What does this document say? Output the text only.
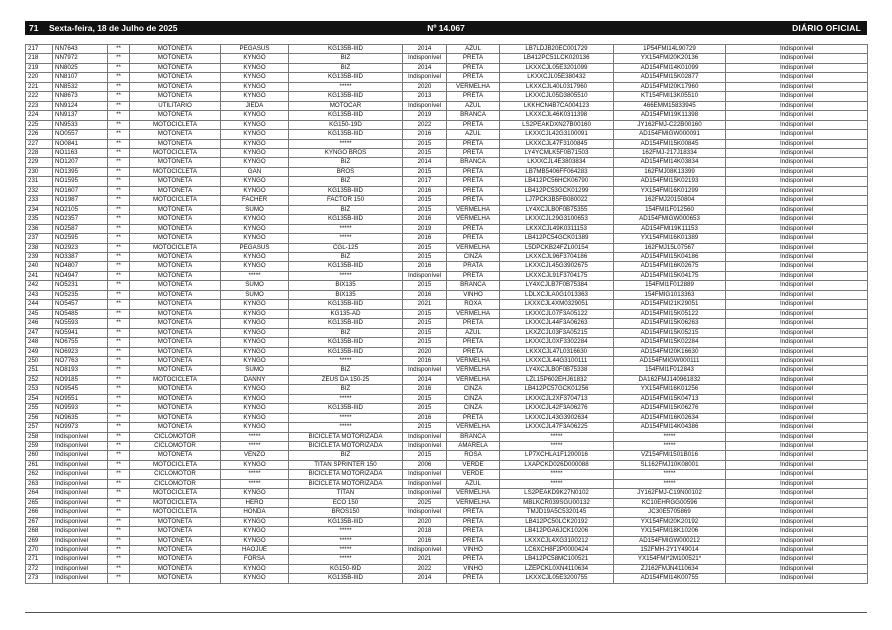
71 Sexta-feira, 18 de Julho de 2025	Nº 14.067	DIÁRIO OFICIAL
217	NN7643	**	MOTONETA	PEGASUS	KG135B-IIID	2014	AZUL	LB7LDJB20EC001729	1P54FMI14L90729	Indisponível
218	NN7972	**	MOTONETA	KYNGO	BIZ	Indisponível	PRETA	LB412PC51LCK020136	YX154FMI20K20136	Indisponível
219	NN8025	**	MOTONETA	KYNGO	BIZ	2014	PRETA	LKXXCJL05E3201099	AD154FMI14K01099	Indisponível
220	NN8107	**	MOTONETA	KYNGO	KG135B-IIID	Indisponível	PRETA	LKXXCJL05E380432	AD154FMI15K02877	Indisponível
221	NN8532	**	MOTONETA	KYNGO	*****	2020	VERMELHA	LKXXCJL40L0317960	AD154FMI20K17960	Indisponível
222	NN8673	**	MOTONETA	KYNGO	KG135B-IIID	2013	PRETA	LKXXCJL05D3805510	KT154FMI13K05510	Indisponível
223	NN9124	**	UTILITARIO	JIEDA	MOTOCAR	Indisponível	AZUL	LKKHCN4B7CA004123	466EMM15833945	Indisponível
224	NN9137	**	MOTONETA	KYNGO	KG135B-IIID	2019	BRANCA	LKXXCJL46K0311398	AD154FMI19K11398	Indisponível
225	NN9533	**	MOTOCICLETA	KYNGO	KG150-19D	2022	PRETA	LS2PEAKDXN27B00160	JY162FMJ-C22B00160	Indisponível
226	NO0557	**	MOTONETA	KYNGO	KG135B-IIID	2016	AZUL	LKXXCJL42G3100091	AD154FMIGW000091	Indisponível
227	NO0841	**	MOTONETA	KYNGO	*****	2015	PRETA	LKXXCJL47F3100845	AD154FMI15K00845	Indisponível
228	NO1163	**	MOTOCICLETA	KYNGO	KYNGO BROS	2015	PRETA	LY4YCMLK5F0B71503	162FMJ-217J18334	Indisponível
229	NO1207	**	MOTONETA	KYNGO	BIZ	2014	BRANCA	LKXXCJL4E3803834	AD154FMI14K03834	Indisponível
230	NO1395	**	MOTOCICLETA	GAN	BROS	2015	PRETA	LB7MB5406FF064283	162FMJ08K13399	Indisponível
231	NO1595	**	MOTONETA	KYNGO	BIZ	2017	PRETA	LB412PC56HCK06790	AD154FMI15K02193	Indisponível
232	NO1607	**	MOTONETA	KYNGO	KG135B-IIID	2016	PRETA	LB412PC53GCK01299	YX154FMI16K01299	Indisponível
233	NO1987	**	MOTOCICLETA	FACHER	FACTOR 150	2015	PRETA	LJ7PCK3B5FB080022	162FMJ20150804	Indisponível
234	NO2105	**	MOTONETA	SUMO	BIZ	2015	VERMELHA	LY4XCJLB0F0B75355	154FMI1F012560	Indisponível
235	NO2357	**	MOTONETA	KYNGO	KG135B-IIID	2016	VERMELHA	LKXXCJL29G3100653	AD154FMIGW000653	Indisponível
236	NO2587	**	MOTONETA	KYNGO	*****	2019	PRETA	LKXXCJL49K0311153	AD154FMI19K11153	Indisponível
237	NO2595	**	MOTONETA	KYNGO	*****	2016	PRETA	LB412PC54GCK01389	YX154FMI16K01389	Indisponível
238	NO2923	**	MOTOCICLETA	PEGASUS	CGL-125	2015	VERMELHA	L5DPCKB24FZL00154	162FMJ15L07567	Indisponível
239	NO3387	**	MOTONETA	KYNGO	BIZ	2015	CINZA	LKXXCJL96F3704186	AD154FMI15K04186	Indisponível
240	NO4807	**	MOTONETA	KYNGO	KG135B-IIID	2016	PRATA	LKXXCJL45G3902675	AD154FMI16K02675	Indisponível
241	NO4947	**	MOTONETA	*****	*****	Indisponível	PRETA	LKXXCJL91F3704175	AD154FMI15K04175	Indisponível
242	NO5231	**	MOTONETA	SUMO	BIX135	2015	BRANCA	LY4XCJLB7F0B75384	154FMI1F012889	Indisponível
243	NO5235	**	MOTONETA	SUMO	BIX135	2016	VINHO	LDLXCJLA0G1013363	154FMIG1013363	Indisponível
244	NO5457	**	MOTONETA	KYNGO	KG135B-IIID	2021	ROXA	LKXXCJL4XM0329051	AD154FMI21K29051	Indisponível
245	NO5485	**	MOTONETA	KYNGO	KG135-AD	2015	VERMELHA	LKXXCJL07F3A05122	AD154FMI15K05122	Indisponível
246	NO5593	**	MOTONETA	KYNGO	KG135B-IIID	2015	PRETA	LKXXCJL44F3A06263	AD154FMI15K06263	Indisponível
247	NO5941	**	MOTONETA	KYNGO	BIZ	2015	AZUL	LKXZCJL03F3A05215	AD154FMI15K05215	Indisponível
248	NO6755	**	MOTONETA	KYNGO	KG135B-IIID	2015	PRETA	LKXXCJL0XF3302284	AD154FMI15K02284	Indisponível
249	NO6923	**	MOTONETA	KYNGO	KG135B-IIID	2020	PRETA	LKXXCJL47L0316630	AD154FMI20K16630	Indisponível
250	NO7763	**	MOTONETA	KYNGO	*****	2016	VERMELHA	LKXXCJL44G3100111	AD154FMIGW000111	Indisponível
251	NO8193	**	MOTONETA	SUMO	BIZ	Indisponível	VERMELHA	LY4XCJLB0F0B75338	154FMI1F012843	Indisponível
252	NO9185	**	MOTOCICLETA	DANNY	ZEUS DA 150-25	2014	VERMELHA	LZL15P602EHJ61832	DA162FMJ140961832	Indisponível
253	NO9545	**	MOTONETA	KYNGO	BIZ	2016	CINZA	LB412PC57GCK01256	YX154FMI16K01256	Indisponível
254	NO9551	**	MOTONETA	KYNGO	*****	2015	CINZA	LKXXCJL2XF3704713	AD154FMI15K04713	Indisponível
255	NO9593	**	MOTONETA	KYNGO	KG135B-IIID	2015	CINZA	LKXXCJL42F3A06276	AD154FMI15K06276	Indisponível
256	NO9635	**	MOTONETA	KYNGO	*****	2016	PRETA	LKXXCJL43G3902634	AD154FMI16K02634	Indisponível
257	NO9973	**	MOTONETA	KYNGO	*****	2015	VERMELHA	LKXXCJL47F3A06225	AD154FMI14K04386	Indisponível
258	Indisponível	**	CICLOMOTOR	*****	BICICLETA MOTORIZADA	Indisponível	BRANCA	*****	*****	Indisponível
259	Indisponível	**	CICLOMOTOR	*****	BICICLETA MOTORIZADA	Indisponível	AMARELA	*****	*****	Indisponível
260	Indisponível	**	MOTONETA	VENZO	BIZ	2015	ROSA	LP7XCHLA1F1200016	VZ154FMI1501B016	Indisponível
261	Indisponível	**	MOTOCICLETA	KYNGO	TITAN SPRINTER 150	2006	VERDE	LXAPCKD026D000088	SL162FMJ10K08001	Indisponível
262	Indisponível	**	CICLOMOTOR	*****	BICICLETA MOTORIZADA	Indisponível	VERDE	*****	*****	Indisponível
263	Indisponível	**	CICLOMOTOR	*****	BICICLETA MOTORIZADA	Indisponível	AZUL	*****	*****	Indisponível
264	Indisponível	**	MOTOCICLETA	KYNGO	TITAN	Indisponível	VERMELHA	LS2PEAKD9K27N0102	JY162FMJ-C19N00102	Indisponível
265	Indisponível	**	MOTOCICLETA	HERO	ECO 150	2025	VERMELHA	MBLKCR039SGU00132	KC10EHRGG00596	Indisponível
266	Indisponível	**	MOTOCICLETA	HONDA	BROS150	Indisponível	PRETA	TMJD19A5C5320145	JC30E5705869	Indisponível
267	Indisponível	**	MOTONETA	KYNGO	KG135B-IIID	2020	PRETA	LB412PC50LCK20192	YX154FMI20K20192	Indisponível
268	Indisponível	**	MOTONETA	KYNGO	*****	2018	PRETA	LB412PGA6JCK10206	YX154FMI18K10206	Indisponível
269	Indisponível	**	MOTONETA	KYNGO	*****	2016	PRETA	LKXXCJL4XG3100212	AD154FMIGW000212	Indisponível
270	Indisponível	**	MOTONETA	HAOJUE	*****	Indisponível	VINHO	LC6XCH8F2P0000424	152FMH-2Y1Y49014	Indisponível
271	Indisponível	**	MOTONETA	FORSA	*****	2021	PRETA	LB412PC58MC100521	YX154FMI*2M100521*	Indisponível
272	Indisponível	**	MOTONETA	KYNGO	KG150-I9D	2022	VINHO	LZEPCKL0XN4110634	ZJ162FMJN4110634	Indisponível
273	Indisponível	**	MOTONETA	KYNGO	KG135B-IIID	2014	PRETA	LKXXCJL05E3200755	AD154FMI14K00755	Indisponível
